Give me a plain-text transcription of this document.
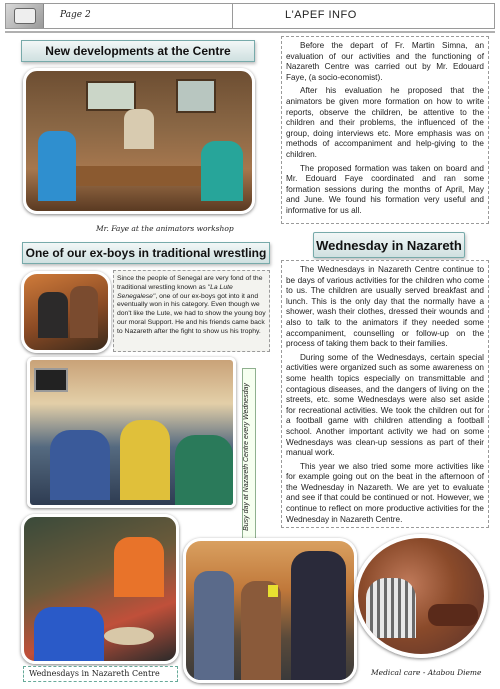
Page 2	L'APEF INFO
New developments at the Centre
Mr. Faye at the animators workshop

Before the depart of Fr. Martin Simna, an evaluation of our activities and the functioning of Nazareth Centre was carried out by Mr. Edouard Faye, (a socio-economist).

After his evaluation he proposed that the animators be given more formation on how to write reports, observe the children, be attentive to the children and their problems, the influenced of the group, doing interviews etc. More emphasis was on methods of accompaniment and help-giving to the children.

The proposed formation was taken on board and Mr. Edouard Faye coordinated and ran some formation sessions during the months of April, May and June. We found his formation very useful and informative for us all.

One of our ex-boys in traditional wrestling

Since the people of Senegal are very fond of the traditional wrestling known as "La Lute Senegalese", one of our ex-boys got into it and eventually won in his category. Even though we don't like the Lute, we had to show the young boy our moral Support. He and his friends came back to Nazareth after the fight to show us his trophy.

Wednesday in Nazareth

The Wednesdays in Nazareth Centre continue to be days of various activities for the children who come to us. The children are usually served breakfast and lunch. This is the only day that the normally have a shower, wash their clothes, dressed their wounds and also to talk to the animators if they needed some accompaniment, counselling or follow-up on the process of taking them back to their families.

During some of the Wednesdays, certain special activities were organized such as some awareness on some health topics especially on transmittable and contagious diseases, and the dangers of living on the streets, etc. some Wednesdays were also set aside for recreational activities. We took the children out for a football game with children attending a football school. Another important activity we had on some Wednesdays was clean-up sessions as part of their manual work.

This year we also tried some more activities like for example going out on the beat in the afternoon of the Wednesday in Nazareth. We are yet to evaluate and see if that could be continued or not. However, we continue to reflect on more productive activities for the Wednesday in Nazareth Centre.

Busy day at Nazareth Centre every Wednesday
Wednesdays in Nazareth Centre	Medical care - Atabou Dieme
